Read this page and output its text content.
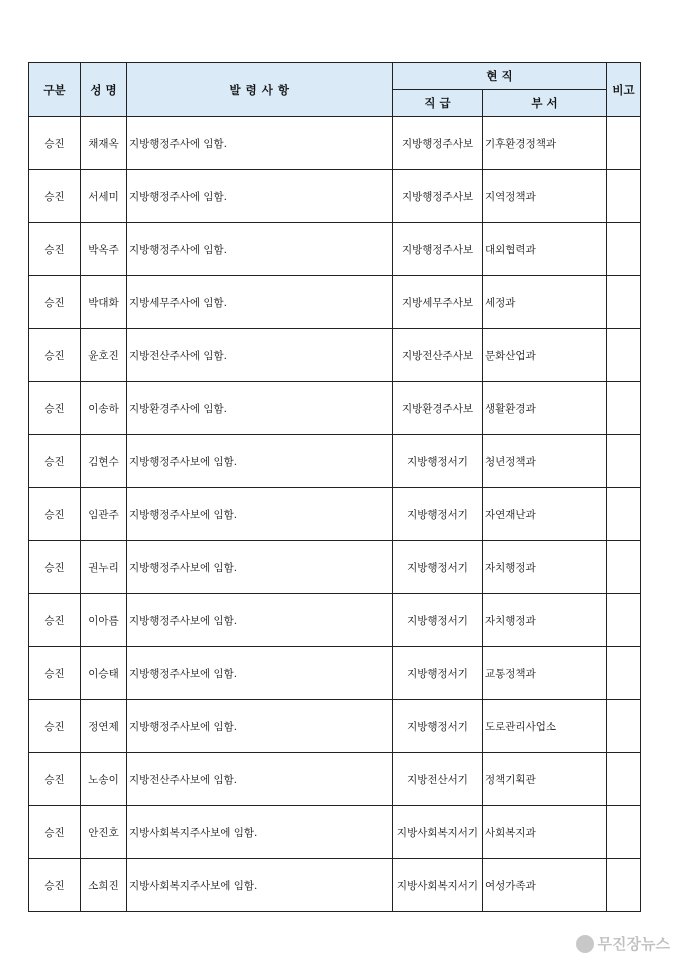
구분	성 명	발 령 사 항	현 직		비고
			직 급	부 서	
승진	채재옥	지방행정주사에 임함.	지방행정주사보	기후환경정책과	
승진	서세미	지방행정주사에 임함.	지방행정주사보	지역정책과	
승진	박옥주	지방행정주사에 임함.	지방행정주사보	대외협력과	
승진	박대화	지방세무주사에 임함.	지방세무주사보	세정과	
승진	윤호진	지방전산주사에 임함.	지방전산주사보	문화산업과	
승진	이송하	지방환경주사에 임함.	지방환경주사보	생활환경과	
승진	김현수	지방행정주사보에 임함.	지방행정서기	청년정책과	
승진	임관주	지방행정주사보에 임함.	지방행정서기	자연재난과	
승진	권누리	지방행정주사보에 임함.	지방행정서기	자치행정과	
승진	이아름	지방행정주사보에 임함.	지방행정서기	자치행정과	
승진	이승태	지방행정주사보에 임함.	지방행정서기	교통정책과	
승진	정연제	지방행정주사보에 임함.	지방행정서기	도로관리사업소	
승진	노송이	지방전산주사보에 임함.	지방전산서기	정책기획관	
승진	안진호	지방사회복지주사보에 임함.	지방사회복지서기	사회복지과	
승진	소희진	지방사회복지주사보에 임함.	지방사회복지서기	여성가족과	
무진장뉴스
